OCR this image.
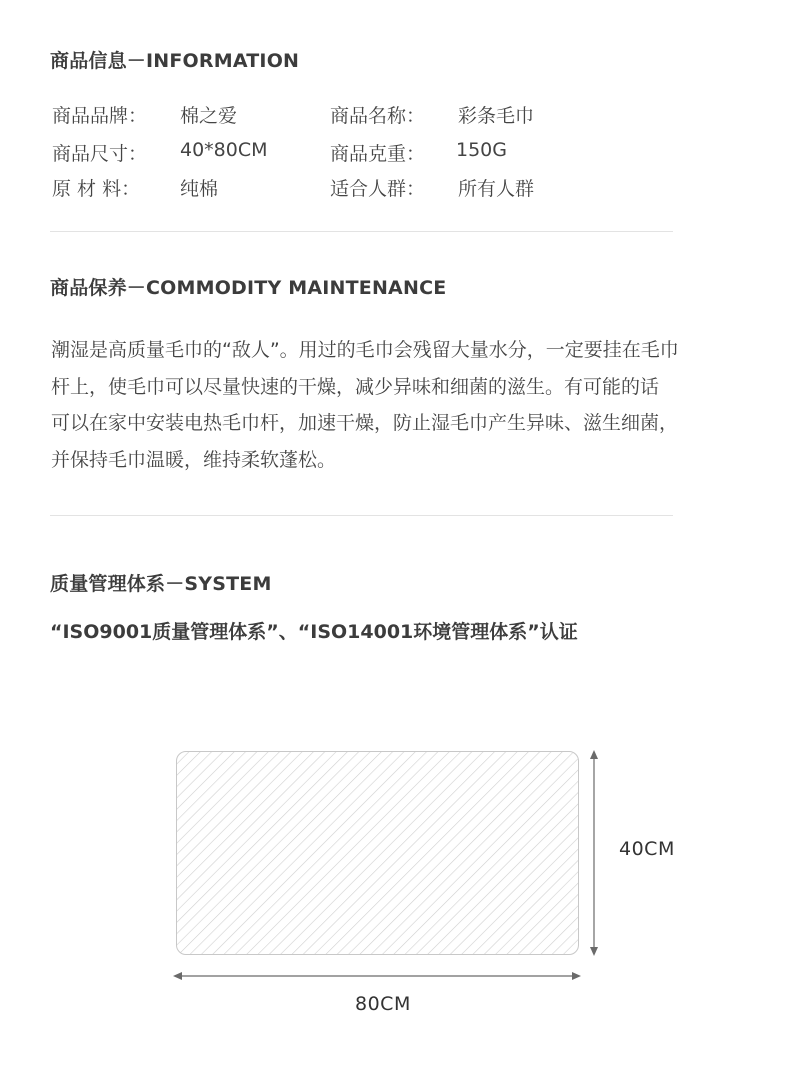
商品信息－INFORMATION
商品品牌：	棉之爱	商品名称：	彩条毛巾
商品尺寸：	40*80CM	商品克重：	150G
原 材 料：	纯棉	适合人群：	所有人群
商品保养－COMMODITY MAINTENANCE
潮湿是高质量毛巾的“敌人”。用过的毛巾会残留大量水分，一定要挂在毛巾
杆上，使毛巾可以尽量快速的干燥，减少异味和细菌的滋生。有可能的话
可以在家中安装电热毛巾杆，加速干燥，防止湿毛巾产生异味、滋生细菌，
并保持毛巾温暖，维持柔软蓬松。
质量管理体系－SYSTEM
“ISO9001质量管理体系”、“ISO14001环境管理体系”认证
40CM
80CM
